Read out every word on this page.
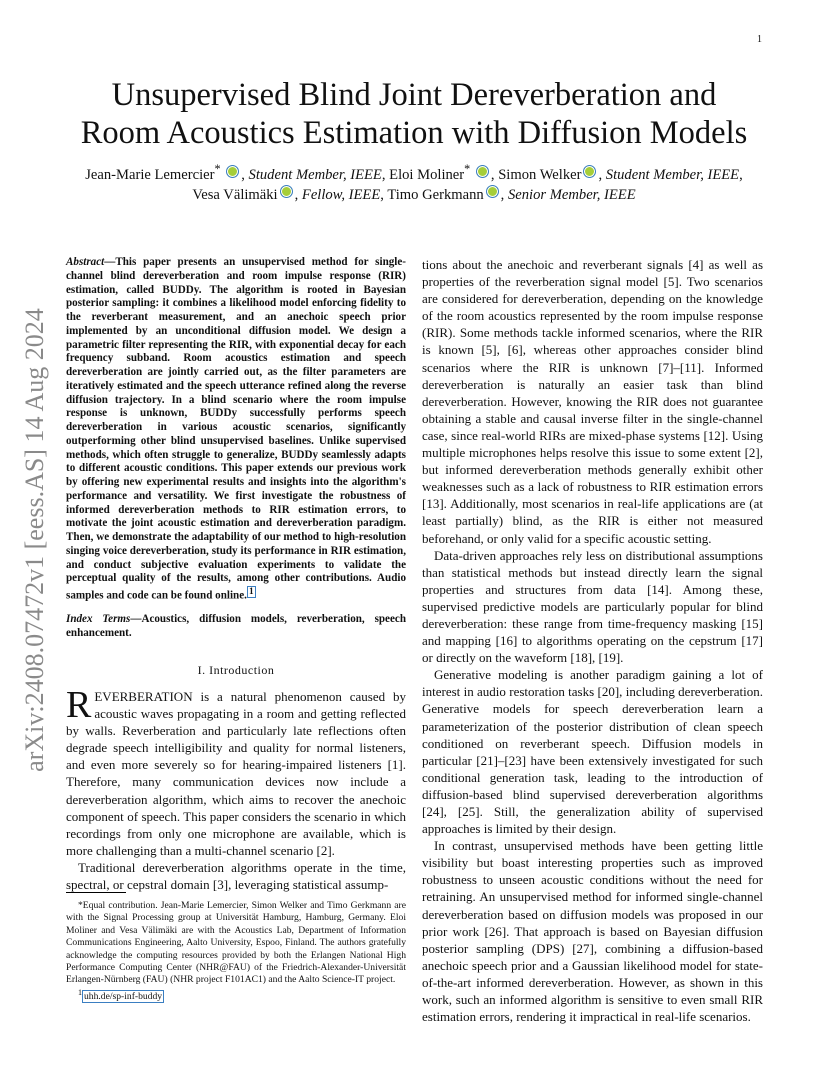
1
arXiv:2408.07472v1 [eess.AS] 14 Aug 2024
Unsupervised Blind Joint Dereverberation and
Room Acoustics Estimation with Diffusion Models
Jean-Marie Lemercier* , Student Member, IEEE, Eloi Moliner* , Simon Welker , Student Member, IEEE,
Vesa Välimäki , Fellow, IEEE, Timo Gerkmann , Senior Member, IEEE

Abstract—This paper presents an unsupervised method for single-channel blind dereverberation and room impulse response (RIR) estimation, called BUDDy. The algorithm is rooted in Bayesian posterior sampling: it combines a likelihood model enforcing fidelity to the reverberant measurement, and an anechoic speech prior implemented by an unconditional diffusion model. We design a parametric filter representing the RIR, with exponential decay for each frequency subband. Room acoustics estimation and speech dereverberation are jointly carried out, as the filter parameters are iteratively estimated and the speech utterance refined along the reverse diffusion trajectory. In a blind scenario where the room impulse response is unknown, BUDDy successfully performs speech dereverberation in various acoustic scenarios, significantly outperforming other blind unsupervised baselines. Unlike supervised methods, which often struggle to generalize, BUDDy seamlessly adapts to different acoustic conditions. This paper extends our previous work by offering new experimental results and insights into the algorithm's performance and versatility. We first investigate the robustness of informed dereverberation methods to RIR estimation errors, to motivate the joint acoustic estimation and dereverberation paradigm. Then, we demonstrate the adaptability of our method to high-resolution singing voice dereverberation, study its performance in RIR estimation, and conduct subjective evaluation experiments to validate the perceptual quality of the results, among other contributions. Audio samples and code can be found online. $^1$

Index Terms—Acoustics, diffusion models, reverberation, speech enhancement.

I. Introduction

REVERBERATION is a natural phenomenon caused by acoustic waves propagating in a room and getting reflected by walls. Reverberation and particularly late reflections often degrade speech intelligibility and quality for normal listeners, and even more severely so for hearing-impaired listeners [1]. Therefore, many communication devices now include a dereverberation algorithm, which aims to recover the anechoic component of speech. This paper considers the scenario in which recordings from only one microphone are available, which is more challenging than a multi-channel scenario [2].

Traditional dereverberation algorithms operate in the time, spectral, or cepstral domain [3], leveraging statistical assump-

*Equal contribution. Jean-Marie Lemercier, Simon Welker and Timo Gerkmann are with the Signal Processing group at Universität Hamburg, Hamburg, Germany. Eloi Moliner and Vesa Välimäki are with the Acoustics Lab, Department of Information Communications Engineering, Aalto University, Espoo, Finland. The authors gratefully acknowledge the computing resources provided by both the Erlangen National High Performance Computing Center (NHR@FAU) of the Friedrich-Alexander-Universität Erlangen-Nürnberg (FAU) (NHR project F101AC1) and the Aalto Science-IT project.

$^1$ uhh.de/sp-inf-buddy

tions about the anechoic and reverberant signals [4] as well as properties of the reverberation signal model [5]. Two scenarios are considered for dereverberation, depending on the knowledge of the room acoustics represented by the room impulse response (RIR). Some methods tackle informed scenarios, where the RIR is known [5], [6], whereas other approaches consider blind scenarios where the RIR is unknown [7]–[11]. Informed dereverberation is naturally an easier task than blind dereverberation. However, knowing the RIR does not guarantee obtaining a stable and causal inverse filter in the single-channel case, since real-world RIRs are mixed-phase systems [12]. Using multiple microphones helps resolve this issue to some extent [2], but informed dereverberation methods generally exhibit other weaknesses such as a lack of robustness to RIR estimation errors [13]. Additionally, most scenarios in real-life applications are (at least partially) blind, as the RIR is either not measured beforehand, or only valid for a specific acoustic setting.

Data-driven approaches rely less on distributional assumptions than statistical methods but instead directly learn the signal properties and structures from data [14]. Among these, supervised predictive models are particularly popular for blind dereverberation: these range from time-frequency masking [15] and mapping [16] to algorithms operating on the cepstrum [17] or directly on the waveform [18], [19].

Generative modeling is another paradigm gaining a lot of interest in audio restoration tasks [20], including dereverberation. Generative models for speech dereverberation learn a parameterization of the posterior distribution of clean speech conditioned on reverberant speech. Diffusion models in particular [21]–[23] have been extensively investigated for such conditional generation task, leading to the introduction of diffusion-based blind supervised dereverberation algorithms [24], [25]. Still, the generalization ability of supervised approaches is limited by their design.

In contrast, unsupervised methods have been getting little visibility but boast interesting properties such as improved robustness to unseen acoustic conditions without the need for retraining. An unsupervised method for informed single-channel dereverberation based on diffusion models was proposed in our prior work [26]. That approach is based on Bayesian diffusion posterior sampling (DPS) [27], combining a diffusion-based anechoic speech prior and a Gaussian likelihood model for state-of-the-art informed dereverberation. However, as shown in this work, such an informed algorithm is sensitive to even small RIR estimation errors, rendering it impractical in real-life scenarios.
